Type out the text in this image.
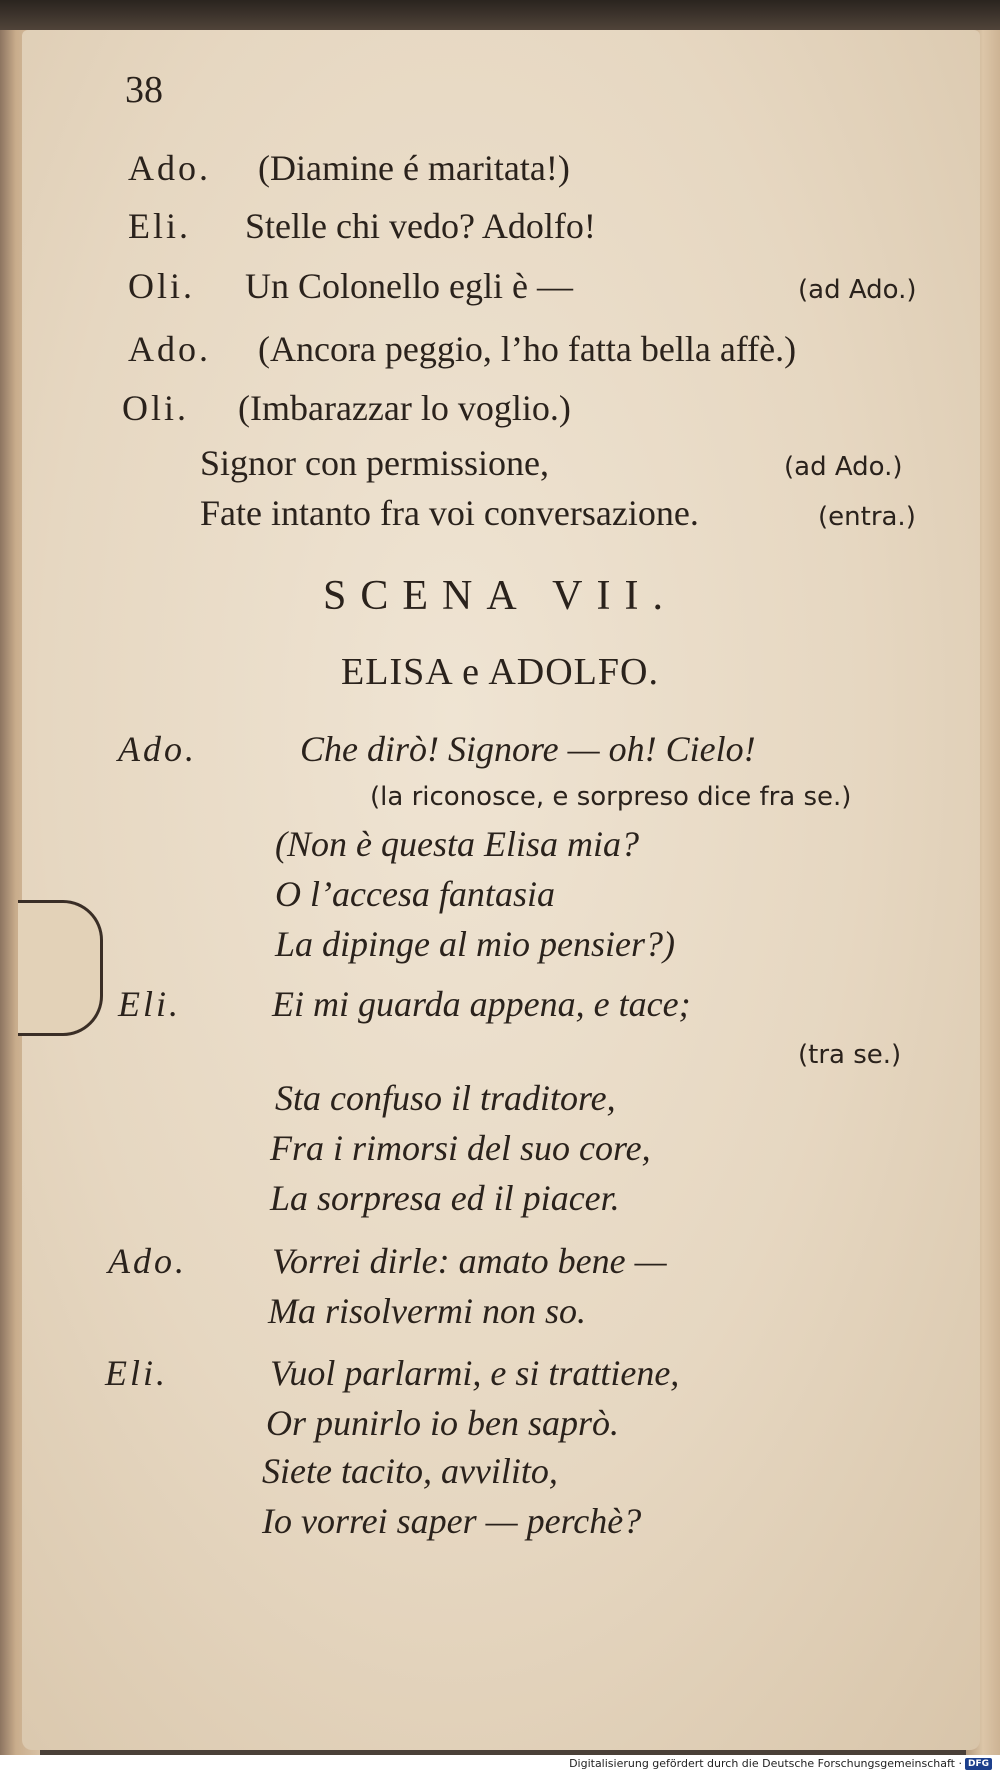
38
Ado. (Diamine é maritata!)
Eli. Stelle chi vedo? Adolfo!
Oli. Un Colonello egli è —	(ad Ado.)
Ado. (Ancora peggio, l’ho fatta bella affè.)
Oli. (Imbarazzar lo voglio.)
Signor con permissione,	(ad Ado.)
Fate intanto fra voi conversazione.	(entra.)
SCENA VII.
ELISA e ADOLFO.
Ado.	Che dirò! Signore — oh! Cielo!
(la riconosce, e sorpreso dice fra se.)
(Non è questa Elisa mia?
O l’accesa fantasia
La dipinge al mio pensier?)
Eli.	Ei mi guarda appena, e tace;
(tra se.)
Sta confuso il traditore,
Fra i rimorsi del suo core,
La sorpresa ed il piacer.
Ado. Vorrei dirle: amato bene —
Ma risolvermi non so.
Eli.	Vuol parlarmi, e si trattiene,
Or punirlo io ben saprò.
Siete tacito, avvilito,
Io vorrei saper — perchè?
Digitalisierung gefördert durch die Deutsche Forschungsgemeinschaft · DFG
